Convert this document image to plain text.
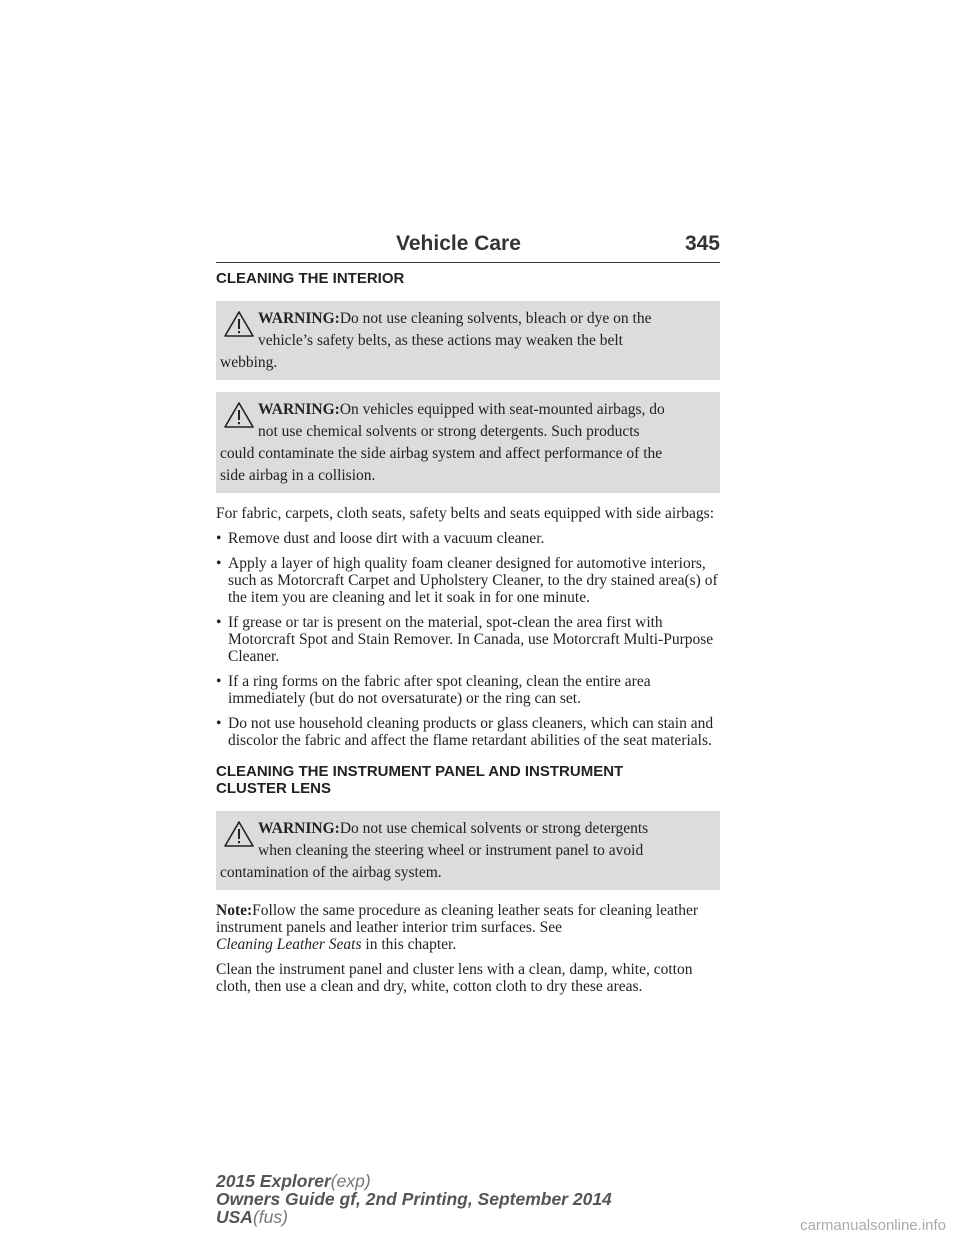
Vehicle Care	345
CLEANING THE INTERIOR
WARNING:Do not use cleaning solvents, bleach or dye on the
vehicle’s safety belts, as these actions may weaken the belt
webbing.
WARNING:On vehicles equipped with seat-mounted airbags, do
not use chemical solvents or strong detergents. Such products
could contaminate the side airbag system and affect performance of the
side airbag in a collision.

For fabric, carpets, cloth seats, safety belts and seats equipped with side airbags:

• Remove dust and loose dirt with a vacuum cleaner.
• Apply a layer of high quality foam cleaner designed for automotive interiors, such as Motorcraft Carpet and Upholstery Cleaner, to the dry stained area(s) of the item you are cleaning and let it soak in for one minute.
• If grease or tar is present on the material, spot-clean the area first with Motorcraft Spot and Stain Remover. In Canada, use Motorcraft Multi-Purpose Cleaner.
• If a ring forms on the fabric after spot cleaning, clean the entire area immediately (but do not oversaturate) or the ring can set.
• Do not use household cleaning products or glass cleaners, which can stain and discolor the fabric and affect the flame retardant abilities of the seat materials.
CLEANING THE INSTRUMENT PANEL AND INSTRUMENT
CLUSTER LENS
WARNING:Do not use chemical solvents or strong detergents
when cleaning the steering wheel or instrument panel to avoid
contamination of the airbag system.

Note:Follow the same procedure as cleaning leather seats for cleaning leather instrument panels and leather interior trim surfaces. See
Cleaning Leather Seats in this chapter.

Clean the instrument panel and cluster lens with a clean, damp, white, cotton cloth, then use a clean and dry, white, cotton cloth to dry these areas.

2015 Explorer(exp)
Owners Guide gf, 2nd Printing, September 2014
USA(fus)	carmanualsonline.info
